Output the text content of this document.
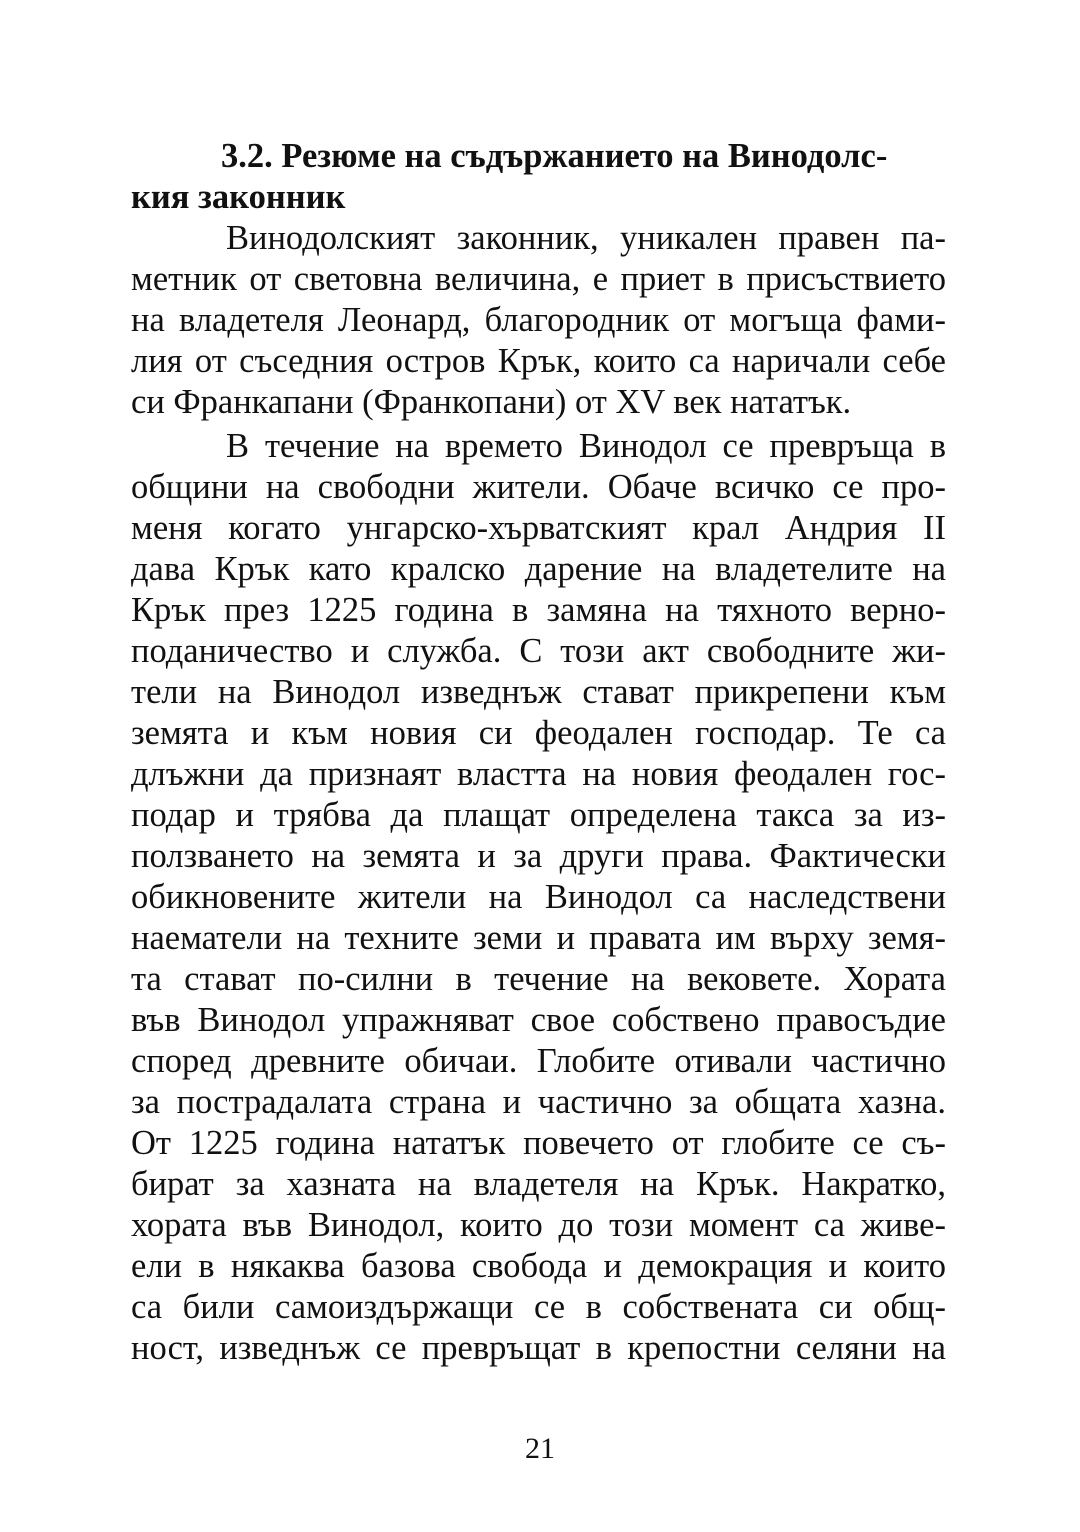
3.2. Резюме на съдържанието на Винодолс-
кия законник
Винодолският законник, уникален правен па-
метник от световна величина, е приет в присъствието
на владетеля Леонард, благородник от могъща фами-
лия от съседния остров Крък, които са наричали себе
си Франкапани (Франкопани) от XV век нататък.
В течение на времето Винодол се превръща в
общини на свободни жители. Обаче всичко се про-
меня когато унгарско-хърватският крал Андрия II
дава Крък като кралско дарение на владетелите на
Крък през 1225 година в замяна на тяхното верно-
поданичество и служба. С този акт свободните жи-
тели на Винодол изведнъж стават прикрепени към
земята и към новия си феодален господар. Те са
длъжни да признаят властта на новия феодален гос-
подар и трябва да плащат определена такса за из-
ползването на земята и за други права. Фактически
обикновените жители на Винодол са наследствени
наематели на техните земи и правата им върху земя-
та стават по-силни в течение на вековете. Хората
във Винодол упражняват свое собствено правосъдие
според древните обичаи. Глобите отивали частично
за пострадалата страна и частично за общата хазна.
От 1225 година нататък повечето от глобите се съ-
бират за хазната на владетеля на Крък. Накратко,
хората във Винодол, които до този момент са живе-
ели в някаква базова свобода и демокрация и които
са били самоиздържащи се в собствената си общ-
ност, изведнъж се превръщат в крепостни селяни на
21
